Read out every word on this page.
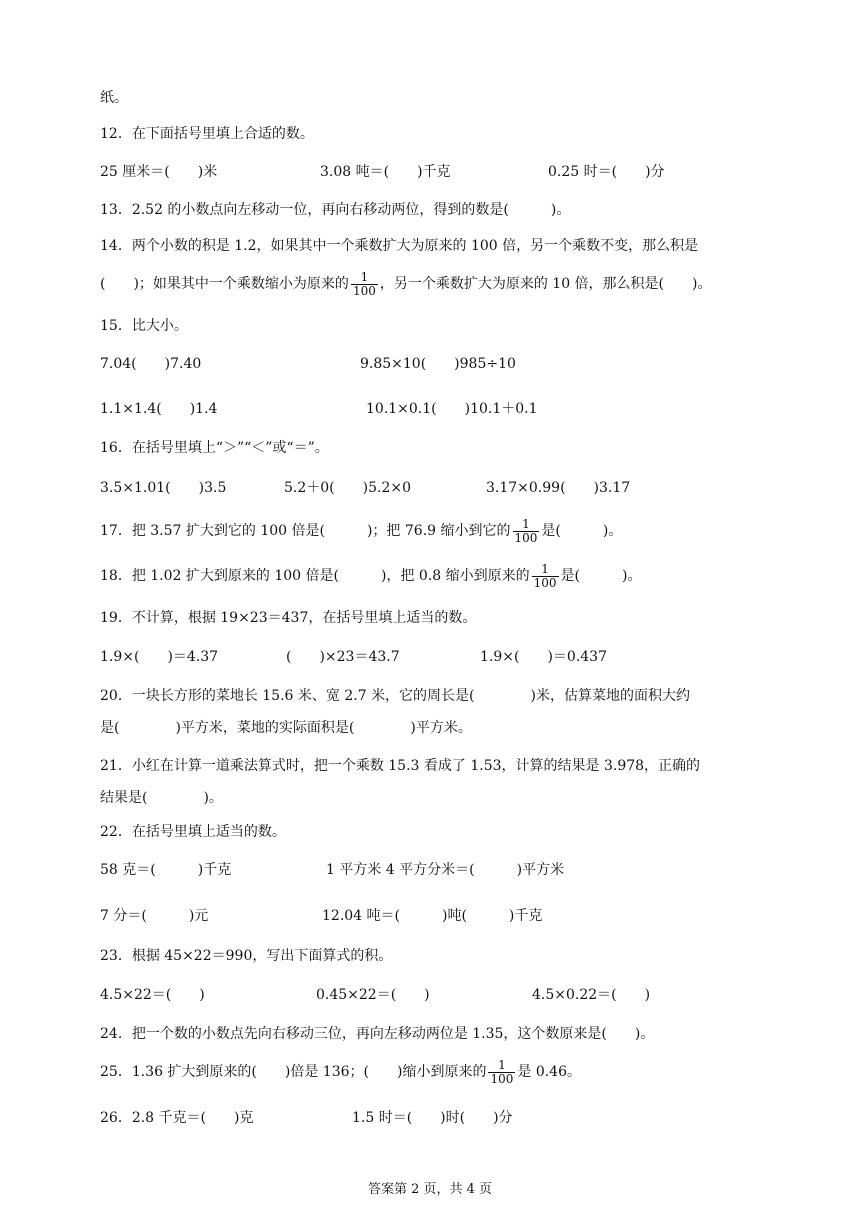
纸。
12．在下面括号里填上合适的数。
25 厘米＝(　　)米	3.08 吨＝(　　)千克	0.25 时＝(　　)分
13．2.52 的小数点向左移动一位，再向右移动两位，得到的数是(　　　)。
14．两个小数的积是 1.2，如果其中一个乘数扩大为原来的 100 倍，另一个乘数不变，那么积是
(　　)；如果其中一个乘数缩小为原来的 $\frac{1}{100}$ ，另一个乘数扩大为原来的 10 倍，那么积是(　　)。
15．比大小。
7.04(　　)7.40	9.85×10(　　)985÷10
1.1×1.4(　　)1.4	10.1×0.1(　　)10.1＋0.1
16．在括号里填上“＞”“＜”或“＝”。
3.5×1.01(　　)3.5	5.2＋0(　　)5.2×0	3.17×0.99(　　)3.17
17．把 3.57 扩大到它的 100 倍是(　　　)；把 76.9 缩小到它的 $\frac{1}{100}$ 是(　　　)。
18．把 1.02 扩大到原来的 100 倍是(　　　)，把 0.8 缩小到原来的 $\frac{1}{100}$ 是(　　　)。
19．不计算，根据 19×23＝437，在括号里填上适当的数。
1.9×(　　)＝4.37	(　　)×23＝43.7	1.9×(　　)＝0.437
20．一块长方形的菜地长 15.6 米、宽 2.7 米，它的周长是(　　　　)米，估算菜地的面积大约
是(　　　　)平方米，菜地的实际面积是(　　　　)平方米。
21．小红在计算一道乘法算式时，把一个乘数 15.3 看成了 1.53，计算的结果是 3.978，正确的
结果是(　　　　)。
22．在括号里填上适当的数。
58 克＝(　　　)千克	1 平方米 4 平方分米＝(　　　)平方米
7 分＝(　　　)元	12.04 吨＝(　　　)吨(　　　)千克
23．根据 45×22＝990，写出下面算式的积。
4.5×22＝(　　)	0.45×22＝(　　)	4.5×0.22＝(　　)
24．把一个数的小数点先向右移动三位，再向左移动两位是 1.35，这个数原来是(　　)。
25．1.36 扩大到原来的(　　)倍是 136；(　　)缩小到原来的 $\frac{1}{100}$ 是 0.46。
26．2.8 千克＝(　　)克	1.5 时＝(　　)时(　　)分
答案第 2 页，共 4 页
